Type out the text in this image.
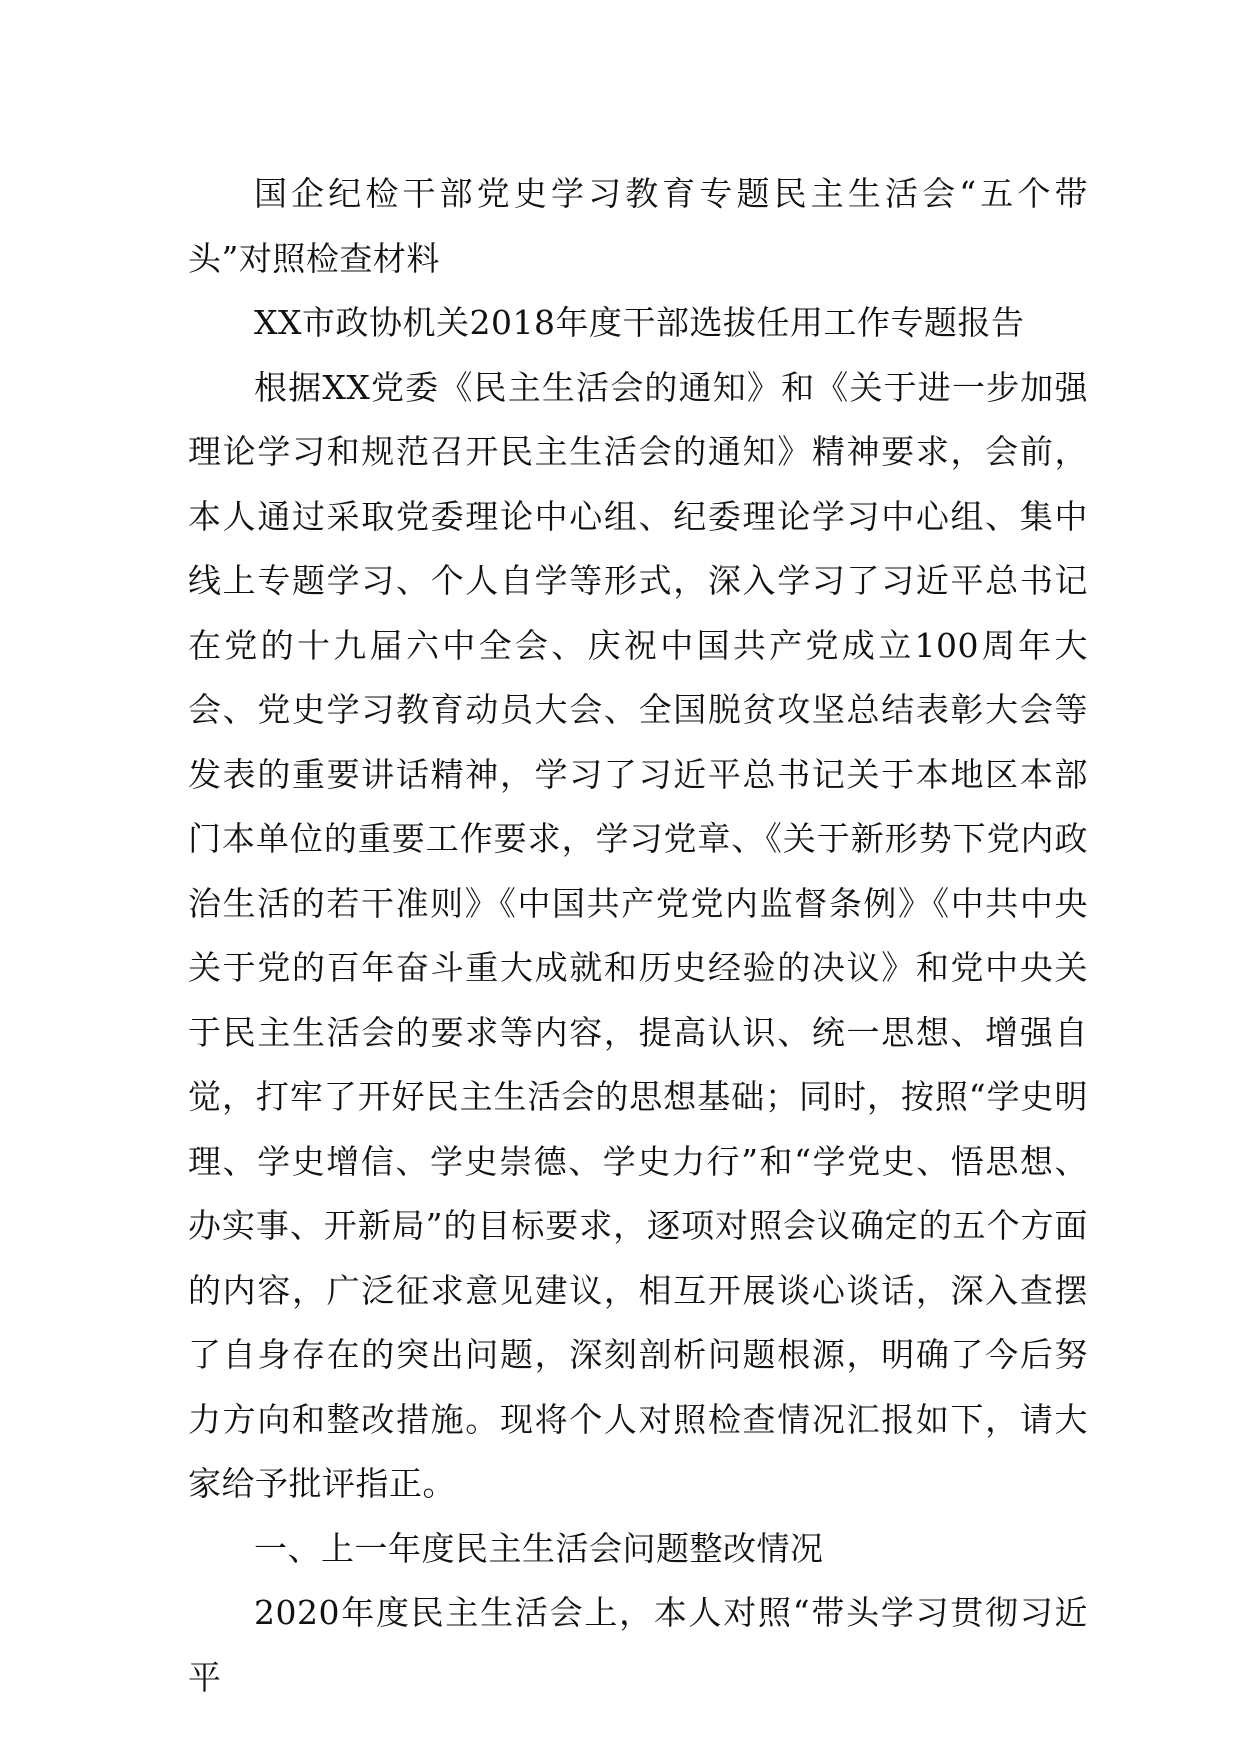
国企纪检干部党史学习教育专题民主生活会“五个带头”对照检查材料

XX市政协机关2018年度干部选拔任用工作专题报告

根据XX党委《民主生活会的通知》和《关于进一步加强理论学习和规范召开民主生活会的通知》精神要求，会前，本人通过采取党委理论中心组、纪委理论学习中心组、集中线上专题学习、个人自学等形式，深入学习了习近平总书记在党的十九届六中全会、庆祝中国共产党成立100周年大会、党史学习教育动员大会、全国脱贫攻坚总结表彰大会等发表的重要讲话精神，学习了习近平总书记关于本地区本部门本单位的重要工作要求，学习党章、《关于新形势下党内政治生活的若干准则》《中国共产党党内监督条例》《中共中央关于党的百年奋斗重大成就和历史经验的决议》和党中央关于民主生活会的要求等内容，提高认识、统一思想、增强自觉，打牢了开好民主生活会的思想基础；同时，按照“学史明理、学史增信、学史崇德、学史力行”和“学党史、悟思想、办实事、开新局”的目标要求，逐项对照会议确定的五个方面的内容，广泛征求意见建议，相互开展谈心谈话，深入查摆了自身存在的突出问题，深刻剖析问题根源，明确了今后努力方向和整改措施。现将个人对照检查情况汇报如下，请大家给予批评指正。

一、上一年度民主生活会问题整改情况

2020年度民主生活会上，本人对照“带头学习贯彻习近平
